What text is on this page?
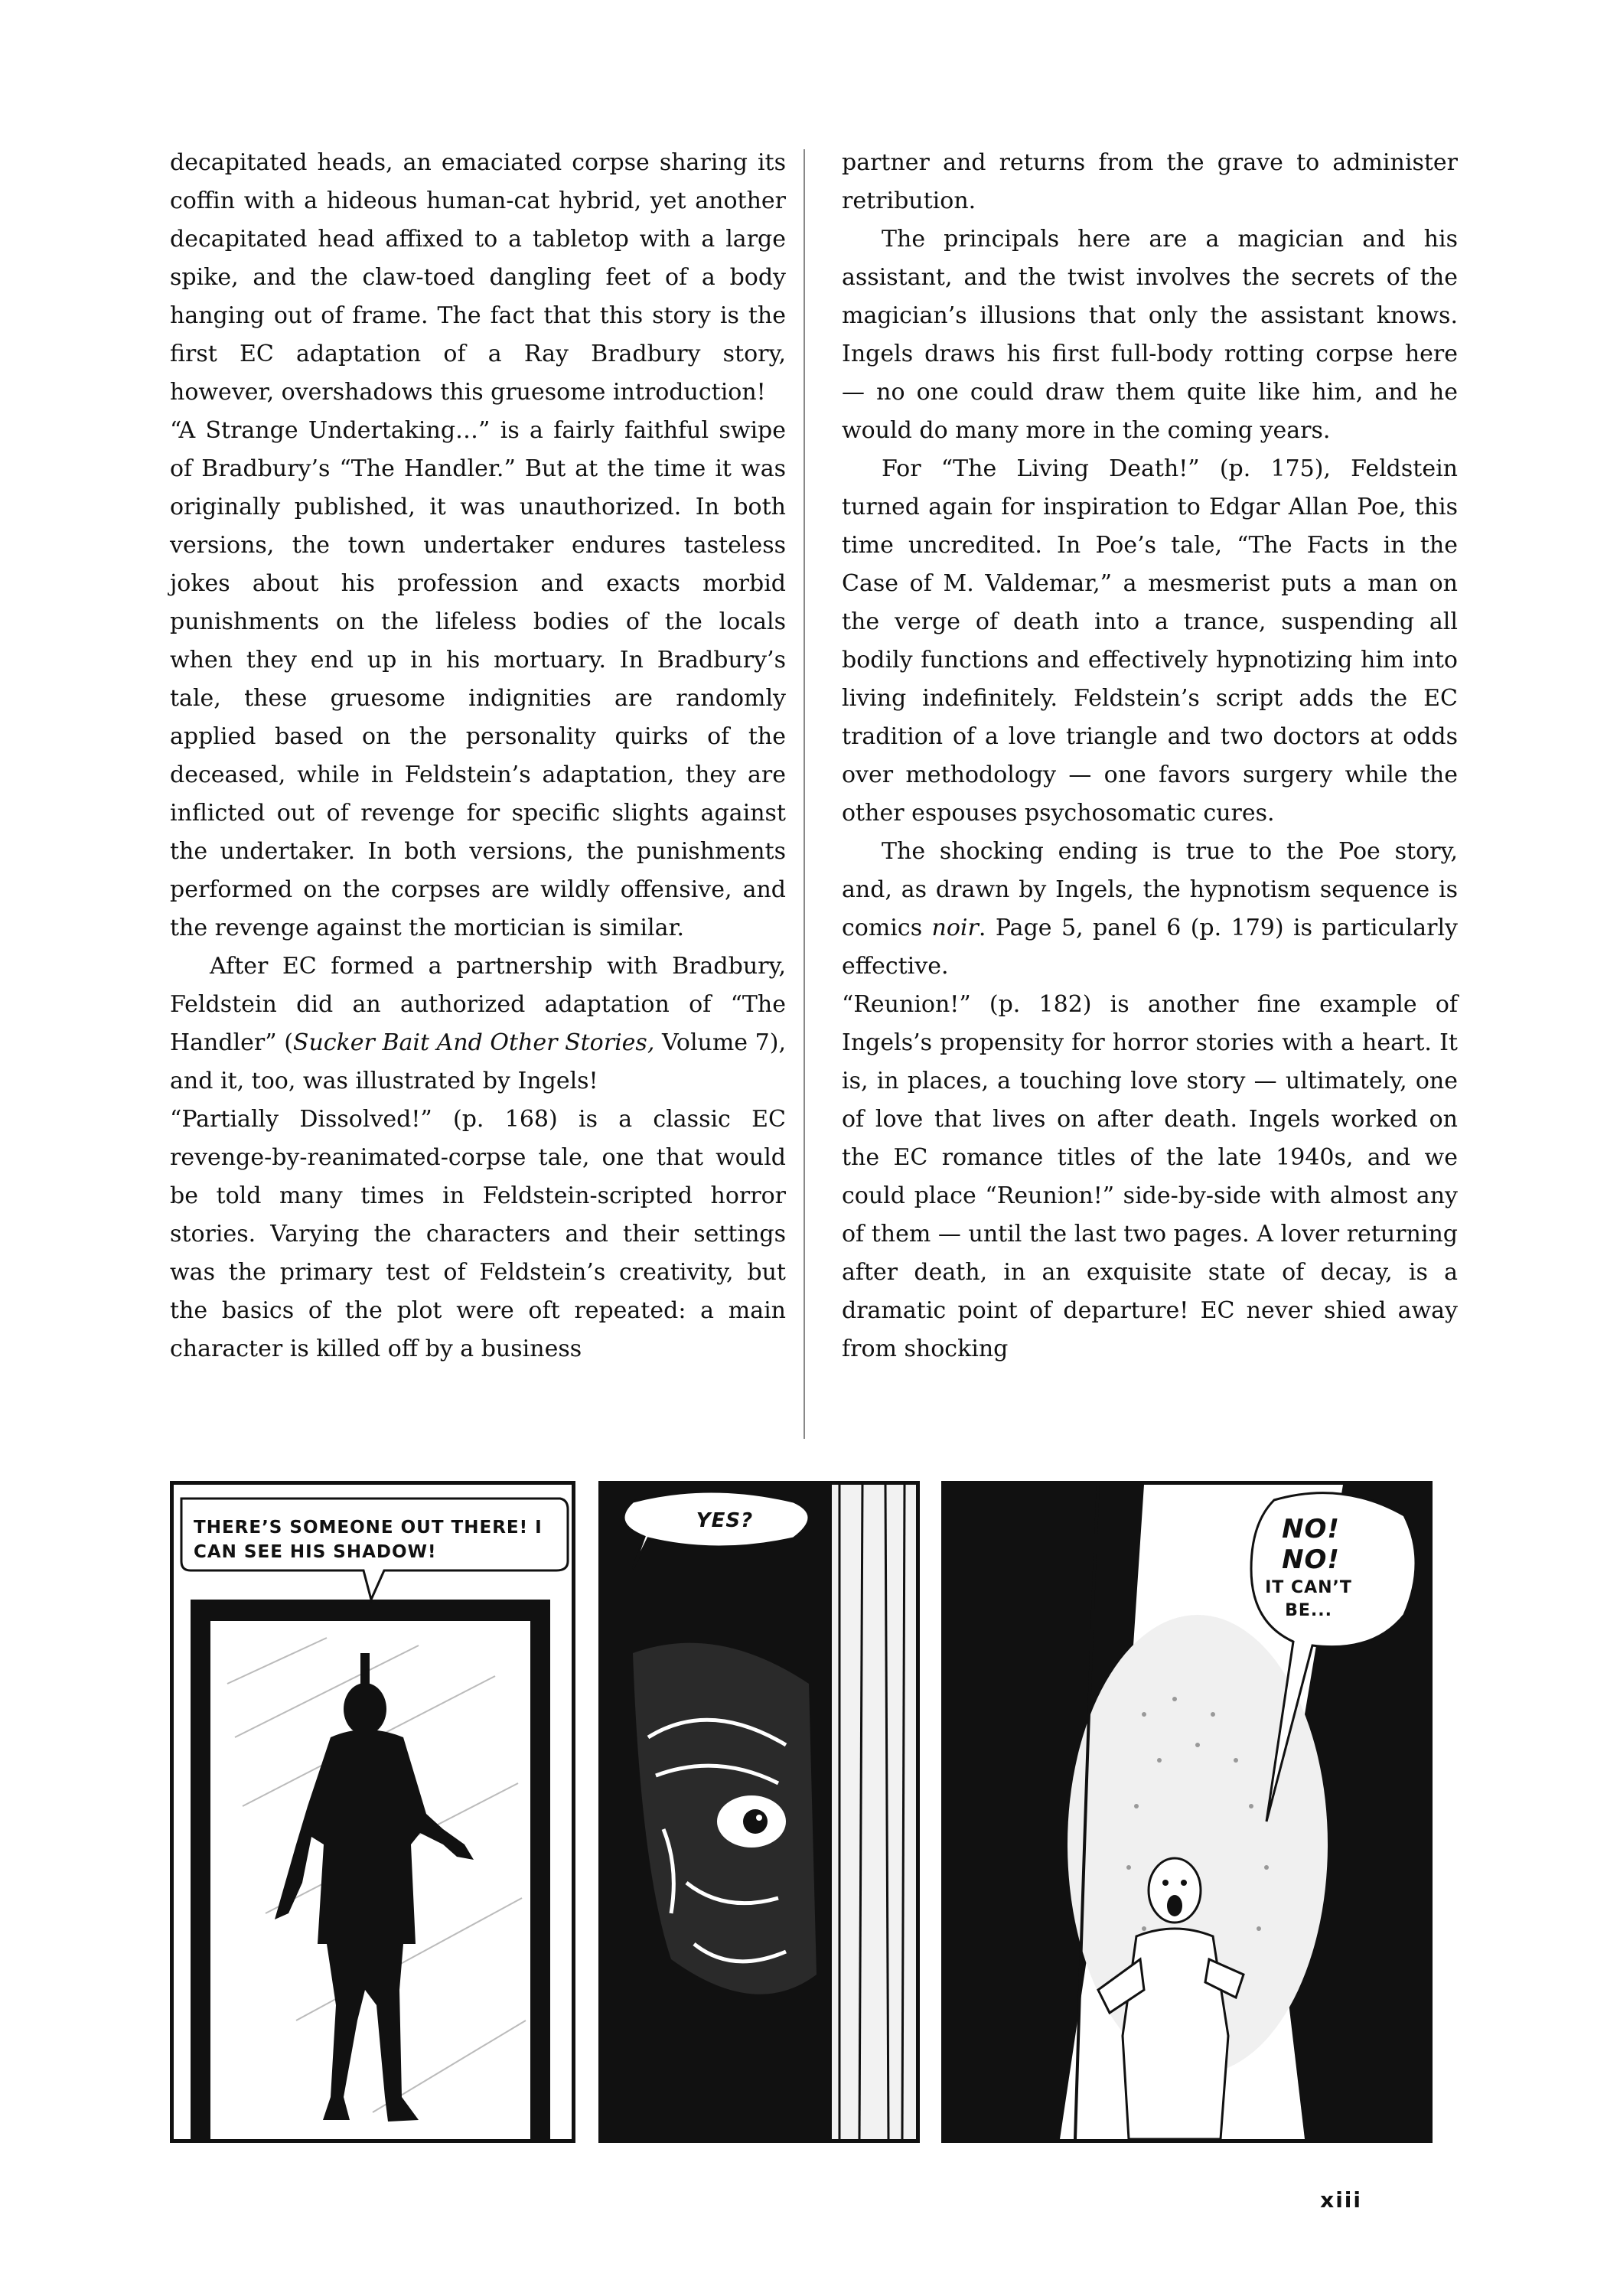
decapitated heads, an emaciated corpse sharing its coffin with a hideous human-cat hybrid, yet another decapitated head affixed to a tabletop with a large spike, and the claw-toed dangling feet of a body hanging out of frame. The fact that this story is the first EC adaptation of a Ray Bradbury story, however, overshadows this gruesome introduction!

“A Strange Undertaking…” is a fairly faithful swipe of Bradbury’s “The Handler.” But at the time it was originally published, it was unauthorized. In both versions, the town undertaker endures tasteless jokes about his profession and exacts morbid punishments on the lifeless bodies of the locals when they end up in his mortuary. In Bradbury’s tale, these gruesome indignities are randomly applied based on the personality quirks of the deceased, while in Feldstein’s adaptation, they are inflicted out of revenge for specific slights against the undertaker. In both versions, the punishments performed on the corpses are wildly offensive, and the revenge against the mortician is similar.

After EC formed a partnership with Bradbury, Feldstein did an authorized adaptation of “The Handler” (Sucker Bait And Other Stories, Volume 7), and it, too, was illustrated by Ingels!

“Partially Dissolved!” (p. 168) is a classic EC revenge-by-reanimated-corpse tale, one that would be told many times in Feldstein-scripted horror stories. Varying the characters and their settings was the primary test of Feldstein’s creativity, but the basics of the plot were oft repeated: a main character is killed off by a business

partner and returns from the grave to administer retribution.

The principals here are a magician and his assistant, and the twist involves the secrets of the magician’s illusions that only the assistant knows. Ingels draws his first full-body rotting corpse here — no one could draw them quite like him, and he would do many more in the coming years.

For “The Living Death!” (p. 175), Feldstein turned again for inspiration to Edgar Allan Poe, this time uncredited. In Poe’s tale, “The Facts in the Case of M. Valdemar,” a mesmerist puts a man on the verge of death into a trance, suspending all bodily functions and effectively hypnotizing him into living indefinitely. Feldstein’s script adds the EC tradition of a love triangle and two doctors at odds over methodology — one favors surgery while the other espouses psychosomatic cures.

The shocking ending is true to the Poe story, and, as drawn by Ingels, the hypnotism sequence is comics noir. Page 5, panel 6 (p. 179) is particularly effective.

“Reunion!” (p. 182) is another fine example of Ingels’s propensity for horror stories with a heart. It is, in places, a touching love story — ultimately, one of love that lives on after death. Ingels worked on the EC romance titles of the late 1940s, and we could place “Reunion!” side-by-side with almost any of them — until the last two pages. A lover returning after death, in an exquisite state of decay, is a dramatic point of departure! EC never shied away from shocking

THERE’S SOMEONE OUT THERE! I
CAN SEE HIS SHADOW!
YES?	NO!
NO!
IT CAN’T
BE...
xiii
